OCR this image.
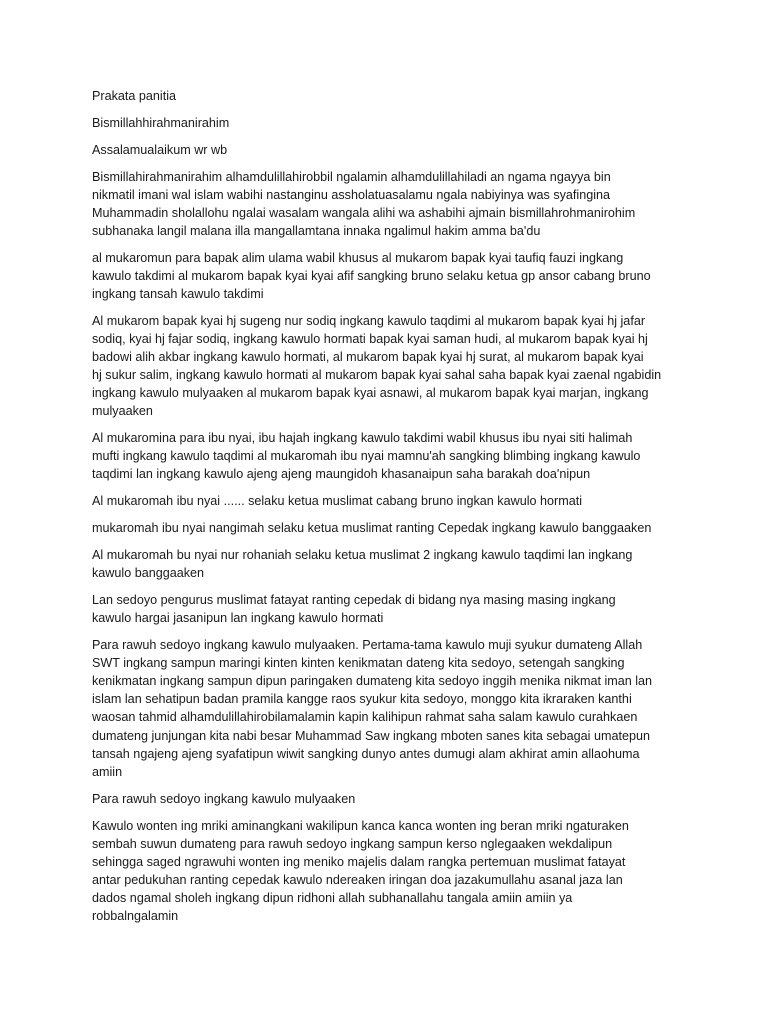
Prakata panitia
Bismillahhirahmanirahim
Assalamualaikum wr wb
Bismillahirahmanirahim alhamdulillahirobbil ngalamin alhamdulillahiladi an ngama ngayya bin
nikmatil imani wal islam wabihi nastanginu assholatuasalamu ngala nabiyinya was syafingina
Muhammadin sholallohu ngalai wasalam wangala alihi wa ashabihi ajmain bismillahrohmanirohim
subhanaka langil malana illa mangallamtana innaka ngalimul hakim amma ba'du
al mukaromun para bapak alim ulama wabil khusus al mukarom bapak kyai taufiq fauzi ingkang
kawulo takdimi al mukarom bapak kyai kyai afif sangking bruno selaku ketua gp ansor cabang bruno
ingkang tansah kawulo takdimi
Al mukarom bapak kyai hj sugeng nur sodiq ingkang kawulo taqdimi al mukarom bapak kyai hj jafar
sodiq, kyai hj fajar sodiq, ingkang kawulo hormati bapak kyai saman hudi, al mukarom bapak kyai hj
badowi alih akbar ingkang kawulo hormati, al mukarom bapak kyai hj surat, al mukarom bapak kyai
hj sukur salim, ingkang kawulo hormati al mukarom bapak kyai sahal saha bapak kyai zaenal ngabidin
ingkang kawulo mulyaaken al mukarom bapak kyai asnawi, al mukarom bapak kyai marjan, ingkang
mulyaaken
Al mukaromina para ibu nyai, ibu hajah ingkang kawulo takdimi wabil khusus ibu nyai siti halimah
mufti ingkang kawulo taqdimi al mukaromah ibu nyai mamnu'ah sangking blimbing ingkang kawulo
taqdimi lan ingkang kawulo ajeng ajeng maungidoh khasanaipun saha barakah doa'nipun
Al mukaromah ibu nyai ...... selaku ketua muslimat cabang bruno ingkan kawulo hormati
mukaromah ibu nyai nangimah selaku ketua muslimat ranting Cepedak ingkang kawulo banggaaken
Al mukaromah bu nyai nur rohaniah selaku ketua muslimat 2 ingkang kawulo taqdimi lan ingkang
kawulo banggaaken
Lan sedoyo pengurus muslimat fatayat ranting cepedak di bidang nya masing masing ingkang
kawulo hargai jasanipun lan ingkang kawulo hormati
Para rawuh sedoyo ingkang kawulo mulyaaken. Pertama-tama kawulo muji syukur dumateng Allah
SWT ingkang sampun maringi kinten kinten kenikmatan dateng kita sedoyo, setengah sangking
kenikmatan ingkang sampun dipun paringaken dumateng kita sedoyo inggih menika nikmat iman lan
islam lan sehatipun badan pramila kangge raos syukur kita sedoyo, monggo kita ikraraken kanthi
waosan tahmid alhamdulillahirobilamalamin kapin kalihipun rahmat saha salam kawulo curahkaen
dumateng junjungan kita nabi besar Muhammad Saw ingkang mboten sanes kita sebagai umatepun
tansah ngajeng ajeng syafatipun wiwit sangking dunyo antes dumugi alam akhirat amin allaohuma
amiin
Para rawuh sedoyo ingkang kawulo mulyaaken
Kawulo wonten ing mriki aminangkani wakilipun kanca kanca wonten ing beran mriki ngaturaken
sembah suwun dumateng para rawuh sedoyo ingkang sampun kerso nglegaaken wekdalipun
sehingga saged ngrawuhi wonten ing meniko majelis dalam rangka pertemuan muslimat fatayat
antar pedukuhan ranting cepedak kawulo ndereaken iringan doa jazakumullahu asanal jaza lan
dados ngamal sholeh ingkang dipun ridhoni allah subhanallahu tangala amiin amiin ya
robbalngalamin
